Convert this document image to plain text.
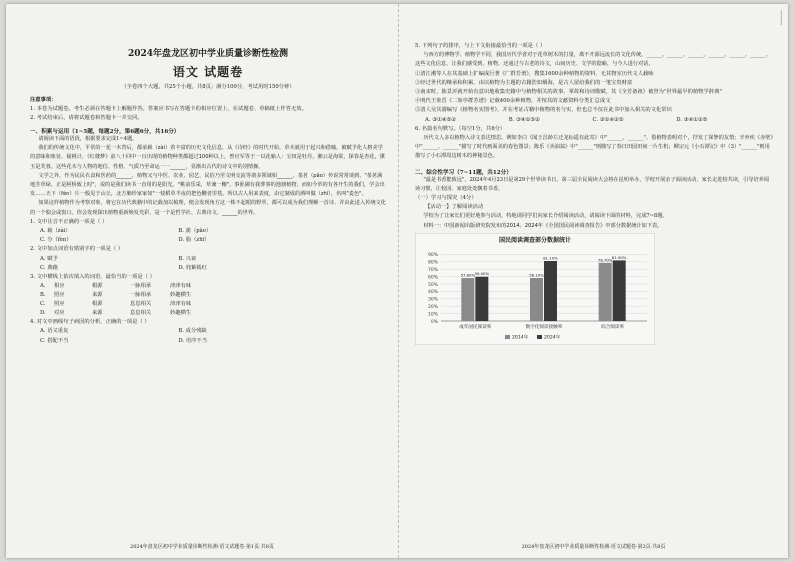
2024年盘龙区初中学业质量诊断性检测
语文 试题卷
（全卷四个大题，共25个小题，共8页；满分100分，考试用时150分钟）
注意事项：
1. 本卷为试题卷。考生必须在答题卡上解题作答。答案应书写在答题卡的相应位置上，在试题卷、草稿纸上作答无效。
2. 考试结束后，请将试题卷和答题卡一并交回。
一、积累与运用（1~5题，每题2分，第6题6分，共16分）
请阅读下面的语段，根据要求完成1~4题。
我们的传统文化中，平常的一花一木背后，都承载（zài）着丰富的历史文化信息，从《诗经》的时代开始，草木就用于起兴和借喻，被赋予化人格美学的意味和象征。疑桃计，《红楼梦》前八十回中一百出现的植物种类都超过100种以上，曾官军等于一以花喻人：宝钗是牡丹，湘云是海棠，探春是杏花，黛玉是芙蓉。这些花木与人物的地位、性格、气质乃至命运一一______，显渐出古代的诗文中的别情操。
文学之外，作为民民衣食和医药的______，植物又与中医、农业、园艺、民俗乃至文明交流等诸多领域相______。茶茗（pǎo）传说常常谈到，"茶茗满地芳草绿，正是阿桥致上时"，说的是我们读书一直用的是阳光。"桃前乐采，草兼一穗"，事匪圃有我葬事的池塘植物，而如今草的有各开生的我们，学会出发……天下（fèn）片一般见于山丘，北方肺珍家家如"一枝稻草半夜的把色鞭者里毯，所以古人用来表度，由它制成的酒叫做（zhī），名叫"麦色"。
如果这样植物作为考察对象，将它在历代典籍中的记载加以梳理，便会发现角方这一株不起眼的野草，都可以成为我们理解一首诗、并由此进入传统文化的一个独会或窗口。你会发现探出植物重新焕发光彩，是一个是哲学社、古典诗文、______的世界。
1. 文中注音不正确的一项是（ ）
A. 载（zài）	B. 蒲（pǎo）
C. 分（fèn）	D. 脂（zhī）
2. 文中加点词语有错别字的一项是（ ）
A. 赋予	B. 兴衰
C. 典籍	D. 姹紫嫣红
3. 文中横线上依次填入的词语，最恰当的一项是（ ）
A.	相应	根源	一脉相承	津津有味
B.	照应	来源	一脉相承	妙趣横生
C.	照应	根源	息息相关	津津有味
D.	对应	来源	息息相关	妙趣横生
4. 对文中画线句子病因的分析，正确的一项是（ ）
A. 语义重复	B. 成分残缺
C. 搭配不当	D. 语序不当
2024年盘龙区初中学业质量诊断性检测·语文试题卷·第1页·共8页
5. 下列句子的排序，与上下文衔接最恰当的一项是（ ）
与西方的博物学、植物学不同，我国历代学者对于花草树木的打量，离不开源远流长的文化传统。______。______。______。______。______。______。这些文化信息，让我们感受到，植物，还通过与古老的诗文，山间历史、文学的隐喻，与今人进行对话。
①清江潮等人在其基础上扩编成巨著《广群芳谱》，搜集1600余种植物的资料，无其物室历代文人载咏
②经过世代的继承和积累，由以植物为主题的古籍浩如烟海，是古人留给我们的一笔宝贵财富
③南宋时，陈景沂就开始有意识地收集史籍中与植物相关的故事、掌故和诗词歌赋，其《全芳备祖》被誉为"世界最早的植物学辞典"
④明代王象晋《二如亭群芳谱》记载400余种植物，并按其的文献资料分类汇总成文
⑤清人吴其濬编写《植物名实图考》，并在考证古籍中植物的名与实，但也总不仅在此书中加入相关的文化常识
A. ③①④⑤②	B. ③④①⑤②	C. ③①④②⑤	D. ③④①②⑤
6. 名篇名句默写。（每空1分，共6分）
历代文人多以植物入诗文表达情思。例如李白《闻王昌龄左迁龙标遥有此寄》中"______，______"，借植物表明对个，抒发了深挚的友情；辛弃疾《赤壁》中"______，______"描写了时代画面美的春色图景；陈乐《卖油翁》中"______"则描写了春日田园田间一片生机；柳宗元《小石潭记》中（3）"______"则用描写了小石潭周边树木的神秘景色。
二、综合性学习（7~11题，共12分）
"最是书香能致远"，2024年4月23日是第29个世界读书日，第三届全民阅读大会将在昆明举办，学校开展亲子阅读活动，家长走进校共读，引导培养阅读习惯，让校园、家庭处处飘着书香。
（一）学习与探究（4分）
【活动一】了解阅读活动
学校为了让家长们更好地参与活动，特地请同学们向家长介绍阅读活动，请阅读下面的材料，完成7~8题。
材料一：中国新闻出版研究院发布的2014、2024年《全国国民阅读调查报告》中部分数据统计如下表。
国民阅读调查部分数据统计
0%
10%
20%
30%
40%
50%
60%
70%
80%
90%
57.60% 59.00%
成年国民阅读率
58.10%
81.10%
数字化阅读接触率
78.70% 81.90%
综合阅读率
2014年	2024年
2024年盘龙区初中学业质量诊断性检测·语文试题卷·第2页·共8页
┃
┃
┃
